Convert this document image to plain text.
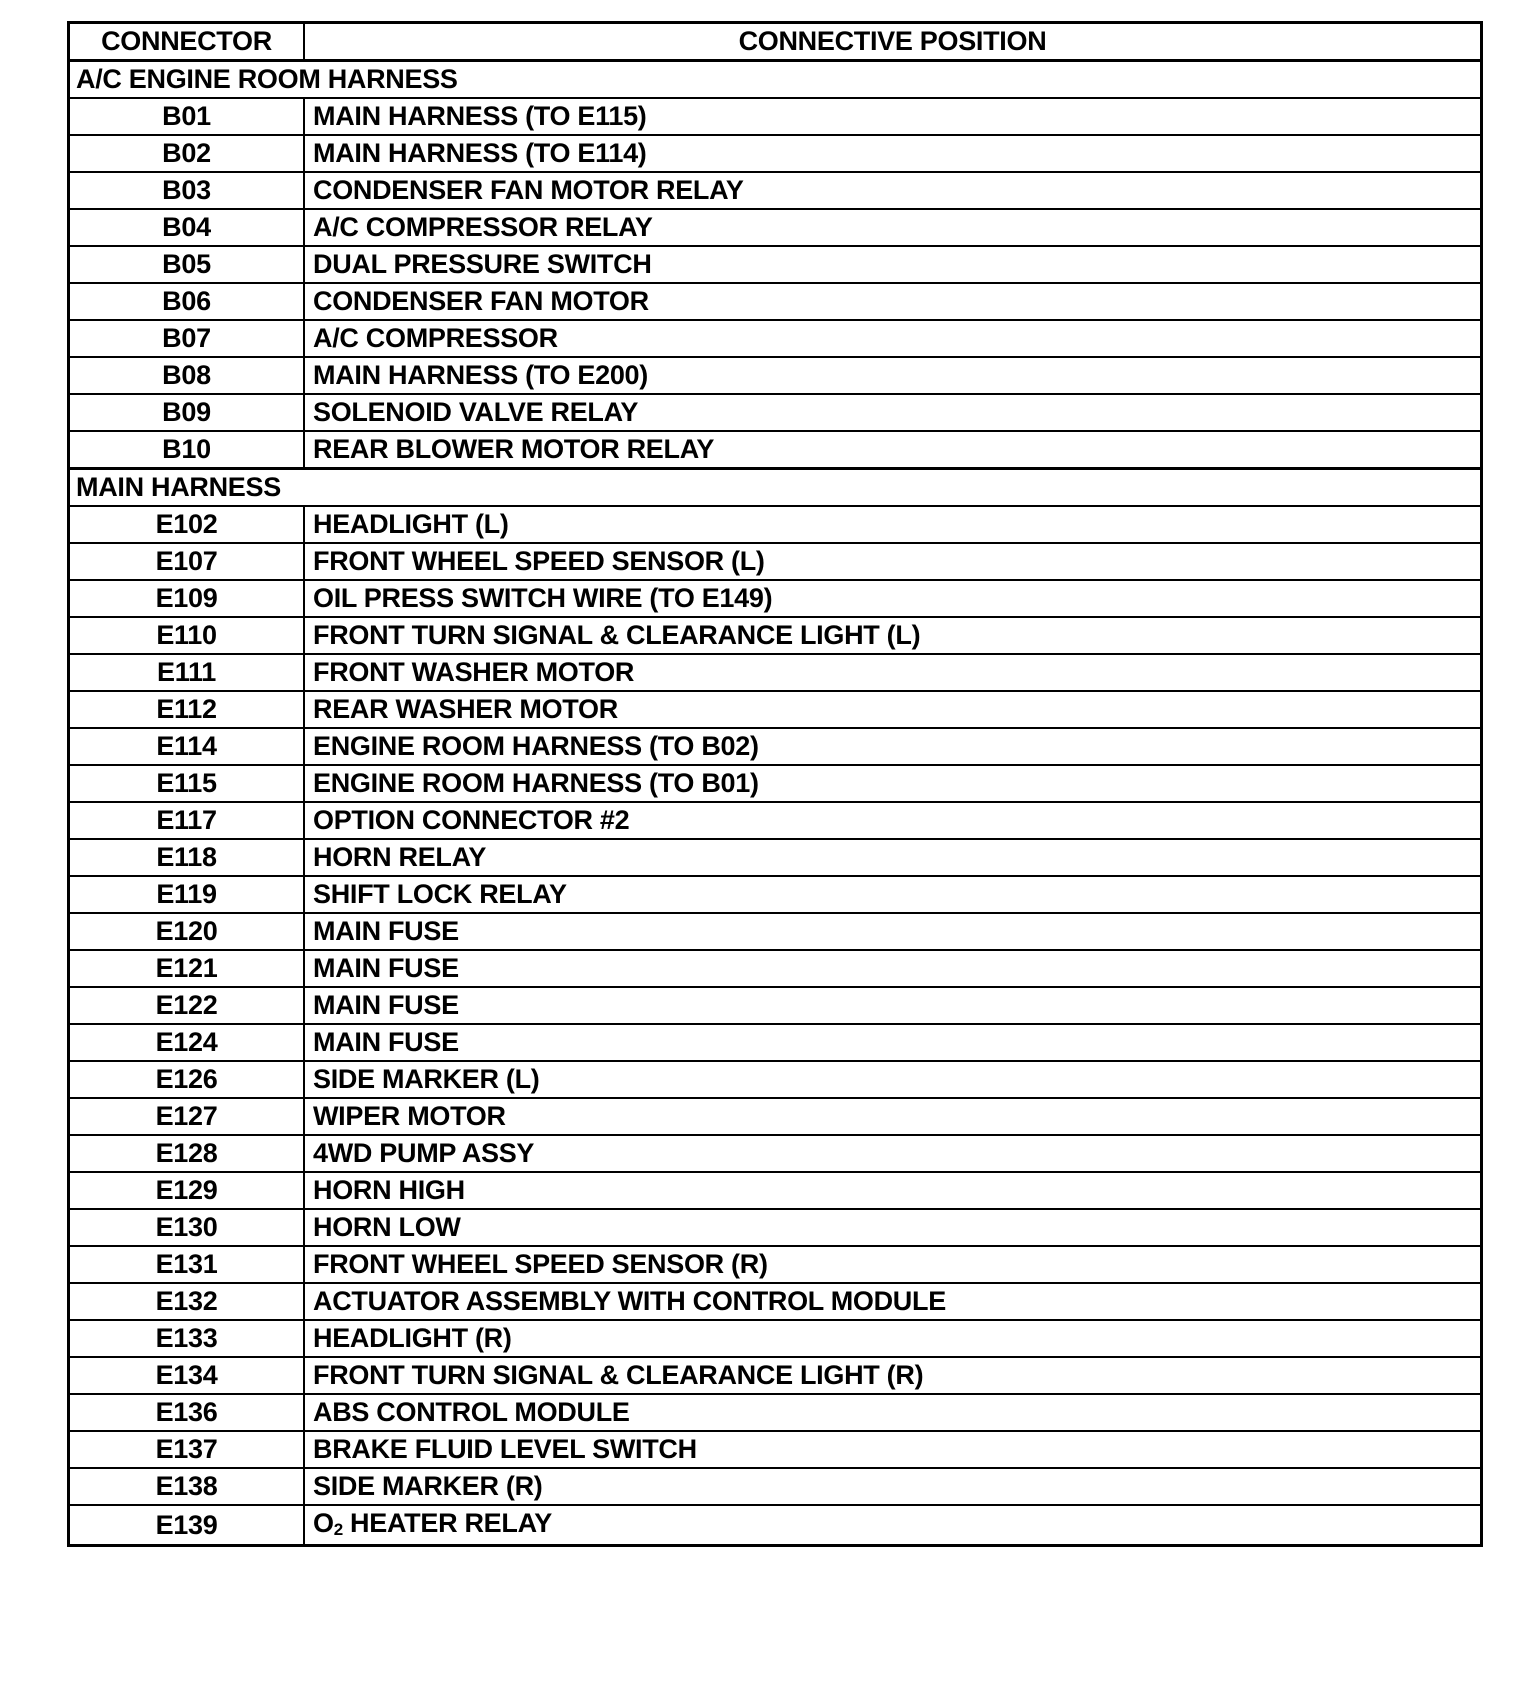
CONNECTOR	CONNECTIVE POSITION
A/C ENGINE ROOM HARNESS	
B01	MAIN HARNESS (TO E115)
B02	MAIN HARNESS (TO E114)
B03	CONDENSER FAN MOTOR RELAY
B04	A/C COMPRESSOR RELAY
B05	DUAL PRESSURE SWITCH
B06	CONDENSER FAN MOTOR
B07	A/C COMPRESSOR
B08	MAIN HARNESS (TO E200)
B09	SOLENOID VALVE RELAY
B10	REAR BLOWER MOTOR RELAY
MAIN HARNESS	
E102	HEADLIGHT (L)
E107	FRONT WHEEL SPEED SENSOR (L)
E109	OIL PRESS SWITCH WIRE (TO E149)
E110	FRONT TURN SIGNAL & CLEARANCE LIGHT (L)
E111	FRONT WASHER MOTOR
E112	REAR WASHER MOTOR
E114	ENGINE ROOM HARNESS (TO B02)
E115	ENGINE ROOM HARNESS (TO B01)
E117	OPTION CONNECTOR #2
E118	HORN RELAY
E119	SHIFT LOCK RELAY
E120	MAIN FUSE
E121	MAIN FUSE
E122	MAIN FUSE
E124	MAIN FUSE
E126	SIDE MARKER (L)
E127	WIPER MOTOR
E128	4WD PUMP ASSY
E129	HORN HIGH
E130	HORN LOW
E131	FRONT WHEEL SPEED SENSOR (R)
E132	ACTUATOR ASSEMBLY WITH CONTROL MODULE
E133	HEADLIGHT (R)
E134	FRONT TURN SIGNAL & CLEARANCE LIGHT (R)
E136	ABS CONTROL MODULE
E137	BRAKE FLUID LEVEL SWITCH
E138	SIDE MARKER (R)
E139	O2 HEATER RELAY
